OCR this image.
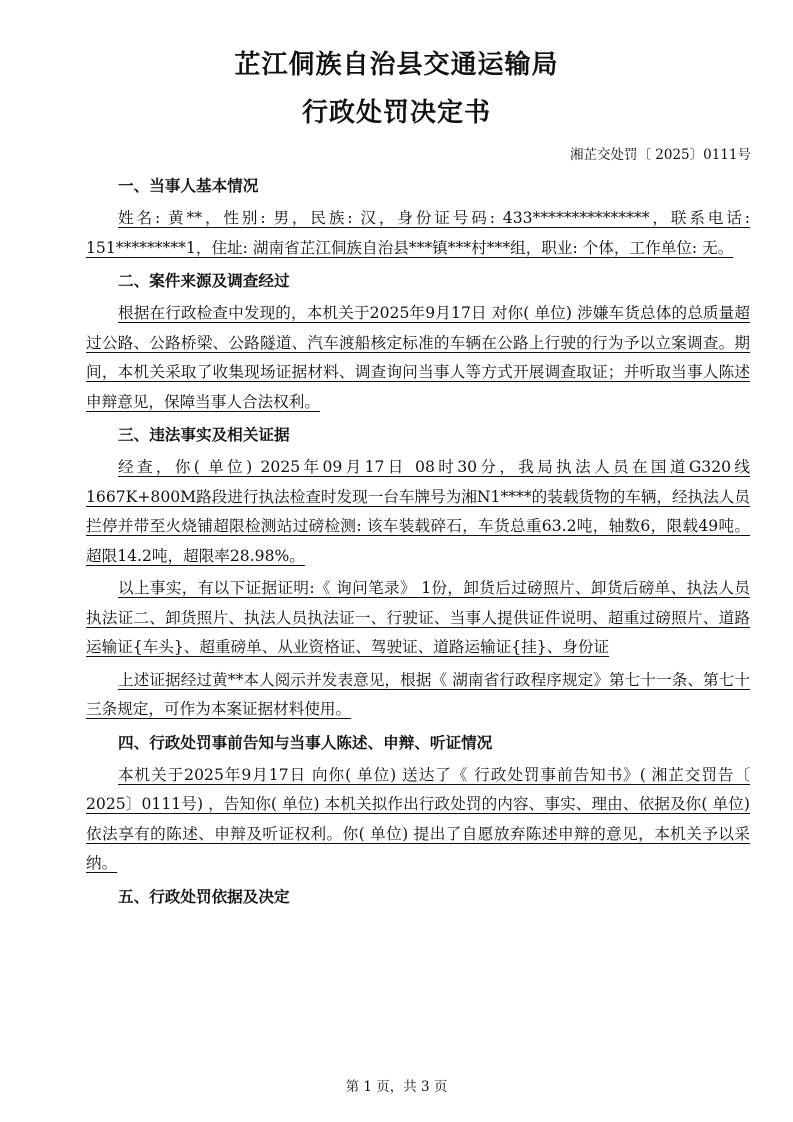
芷江侗族自治县交通运输局
行政处罚决定书

湘芷交处罚〔 2025〕0111号

一、当事人基本情况

姓名: 黄**，性别: 男，民族: 汉，身份证号码: 433***************，联系电话: 151*********1，住址: 湖南省芷江侗族自治县***镇***村***组，职业: 个体，工作单位: 无。

二、案件来源及调查经过

根据在行政检查中发现的，本机关于2025年9月17日 对你( 单位) 涉嫌车货总体的总质量超过公路、公路桥梁、公路隧道、汽车渡船核定标准的车辆在公路上行驶的行为予以立案调查。期间，本机关采取了收集现场证据材料、调查询问当事人等方式开展调查取证；并听取当事人陈述申辩意见，保障当事人合法权利。

三、违法事实及相关证据

经查，你( 单位) 2025年09月17日 08时30分，我局执法人员在国道G320线1667K+800M路段进行执法检查时发现一台车牌号为湘N1****的装载货物的车辆，经执法人员拦停并带至火烧铺超限检测站过磅检测: 该车装载碎石，车货总重63.2吨，轴数6，限载49吨。超限14.2吨，超限率28.98%。

以上事实，有以下证据证明:《 询问笔录》 1份，卸货后过磅照片、卸货后磅单、执法人员执法证二、卸货照片、执法人员执法证一、行驶证、当事人提供证件说明、超重过磅照片、道路运输证{车头}、超重磅单、从业资格证、驾驶证、道路运输证{挂}、身份证

上述证据经过黄**本人阅示并发表意见，根据《 湖南省行政程序规定》第七十一条、第七十三条规定，可作为本案证据材料使用。

四、行政处罚事前告知与当事人陈述、申辩、听证情况

本机关于2025年9月17日 向你( 单位) 送达了《 行政处罚事前告知书》( 湘芷交罚告〔 2025〕0111号) ，告知你( 单位) 本机关拟作出行政处罚的内容、事实、理由、依据及你( 单位) 依法享有的陈述、申辩及听证权利。你( 单位) 提出了自愿放弃陈述申辩的意见，本机关予以采纳。

五、行政处罚依据及决定

第 1 页，共 3 页
